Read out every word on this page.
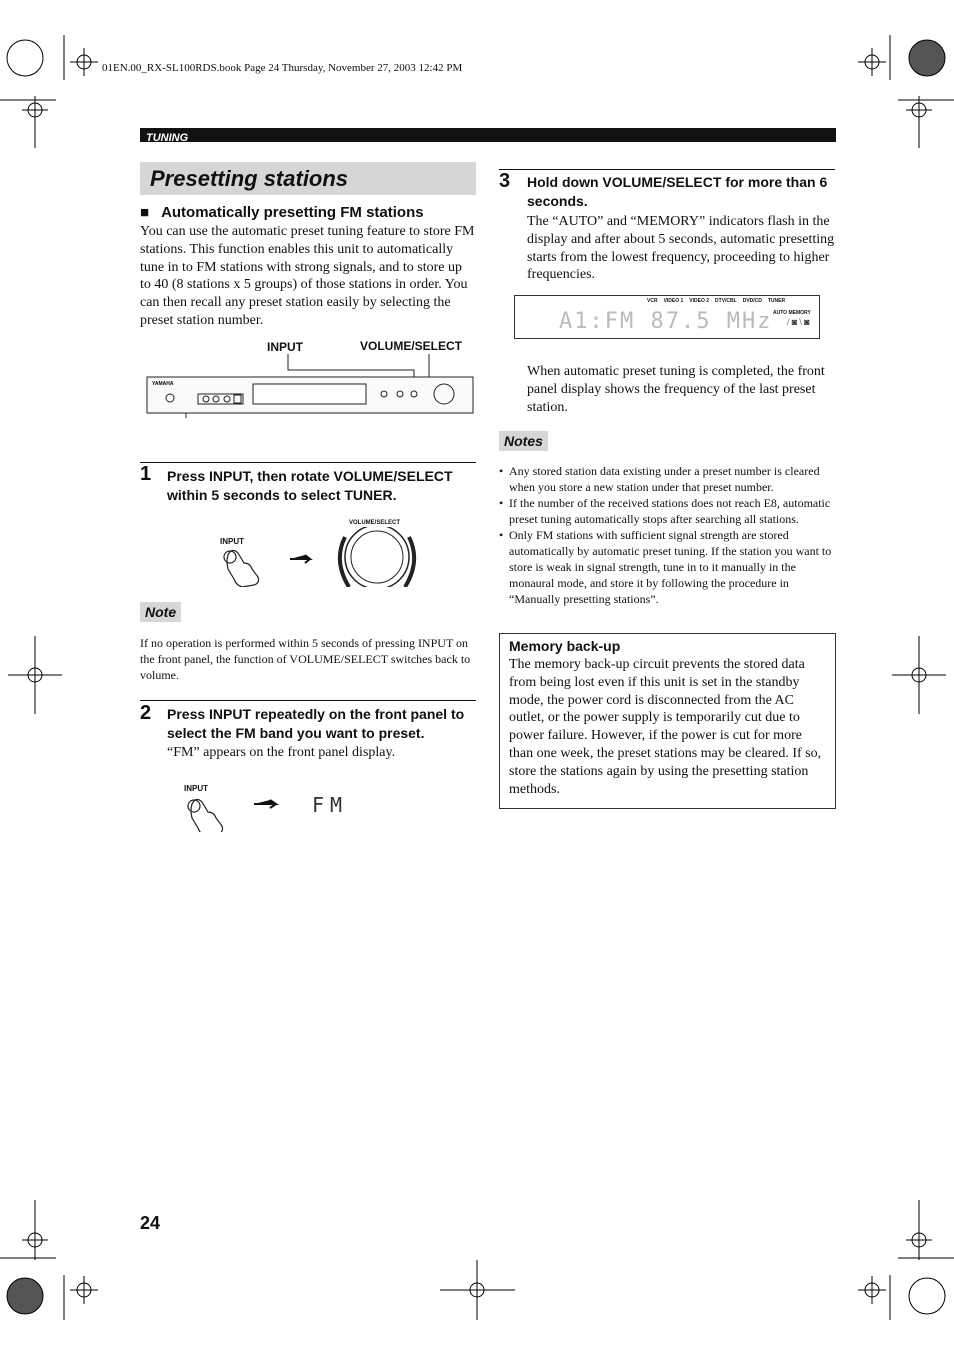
01EN.00_RX-SL100RDS.book Page 24 Thursday, November 27, 2003 12:42 PM
TUNING
Presetting stations
■ Automatically presetting FM stations
You can use the automatic preset tuning feature to store FM stations. This function enables this unit to automatically tune in to FM stations with strong signals, and to store up to 40 (8 stations x 5 groups) of those stations in order. You can then recall any preset station easily by selecting the preset station number.
INPUT	VOLUME/SELECT
YAMAHA
1 Press INPUT, then rotate VOLUME/SELECT within 5 seconds to select TUNER.
INPUT
VOLUME/SELECT
Note
If no operation is performed within 5 seconds of pressing INPUT on the front panel, the function of VOLUME/SELECT switches back to volume.
2 Press INPUT repeatedly on the front panel to select the FM band you want to preset.
“FM” appears on the front panel display.
INPUT
FM
3 Hold down VOLUME/SELECT for more than 6 seconds.
The “AUTO” and “MEMORY” indicators flash in the display and after about 5 seconds, automatic presetting starts from the lowest frequency, proceeding to higher frequencies.
VCR VIDEO 1 VIDEO 2 DTV/CBL DVD/CD TUNER
AUTO MEMORY
/ ◙ \ ◙
A1:FM 87.5 MHz
When automatic preset tuning is completed, the front panel display shows the frequency of the last preset station.
Notes
• Any stored station data existing under a preset number is cleared when you store a new station under that preset number.
• If the number of the received stations does not reach E8, automatic preset tuning automatically stops after searching all stations.
• Only FM stations with sufficient signal strength are stored automatically by automatic preset tuning. If the station you want to store is weak in signal strength, tune in to it manually in the monaural mode, and store it by following the procedure in “Manually presetting stations”.
Memory back-up
The memory back-up circuit prevents the stored data from being lost even if this unit is set in the standby mode, the power cord is disconnected from the AC outlet, or the power supply is temporarily cut due to power failure. However, if the power is cut for more than one week, the preset stations may be cleared. If so, store the stations again by using the presetting station methods.
24
